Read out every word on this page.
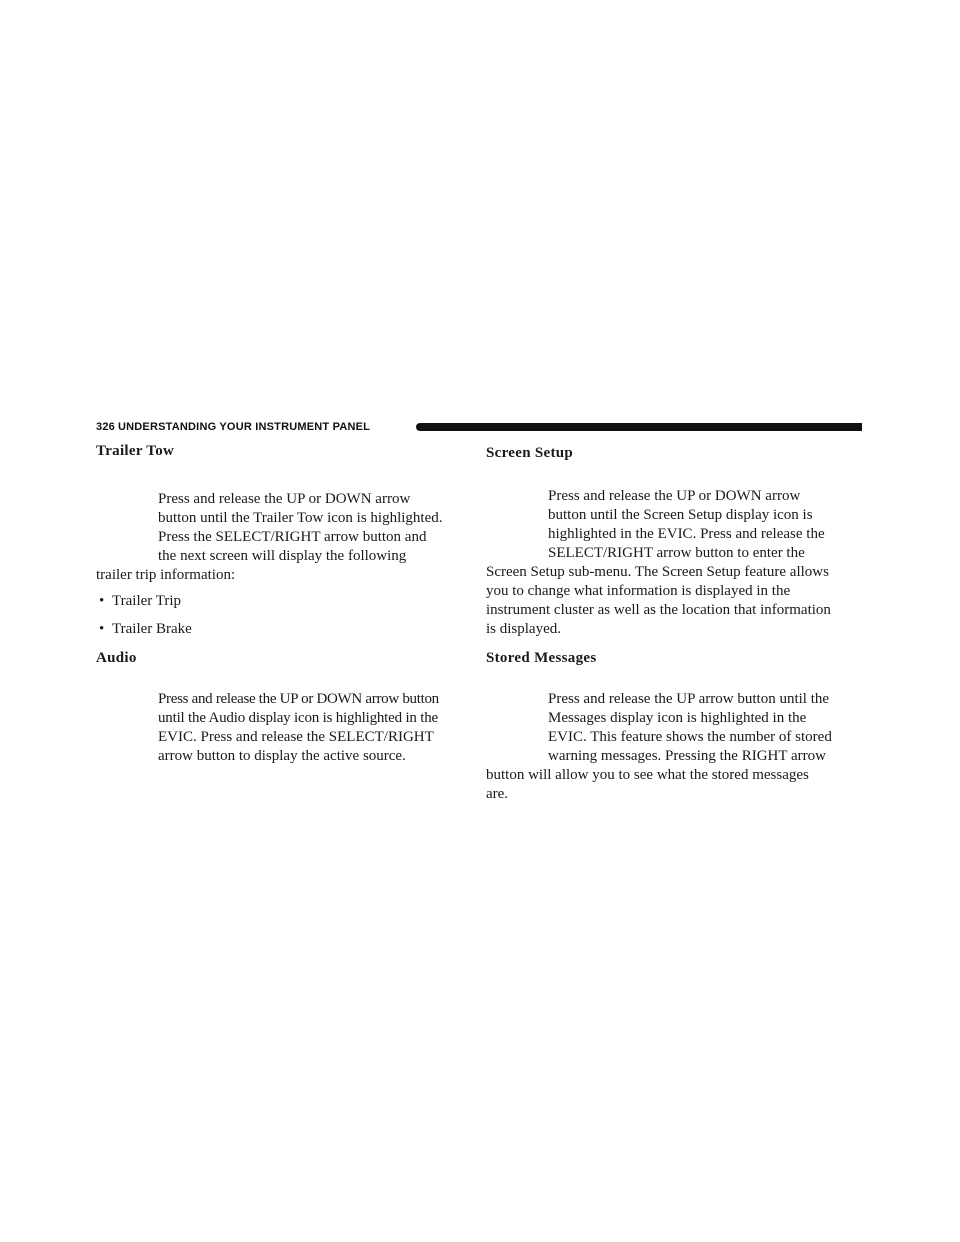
326 UNDERSTANDING YOUR INSTRUMENT PANEL
Trailer Tow

Press and release the UP or DOWN arrow

button until the Trailer Tow icon is highlighted.

Press the SELECT/RIGHT arrow button and

the next screen will display the following

trailer trip information:

• Trailer Trip
• Trailer Brake
Audio

Press and release the UP or DOWN arrow button

until the Audio display icon is highlighted in the

EVIC. Press and release the SELECT/RIGHT

arrow button to display the active source.

Screen Setup

Press and release the UP or DOWN arrow

button until the Screen Setup display icon is

highlighted in the EVIC. Press and release the

SELECT/RIGHT arrow button to enter the

Screen Setup sub-menu. The Screen Setup feature allows

you to change what information is displayed in the

instrument cluster as well as the location that information

is displayed.

Stored Messages

Press and release the UP arrow button until the

Messages display icon is highlighted in the

EVIC. This feature shows the number of stored

warning messages. Pressing the RIGHT arrow

button will allow you to see what the stored messages

are.
